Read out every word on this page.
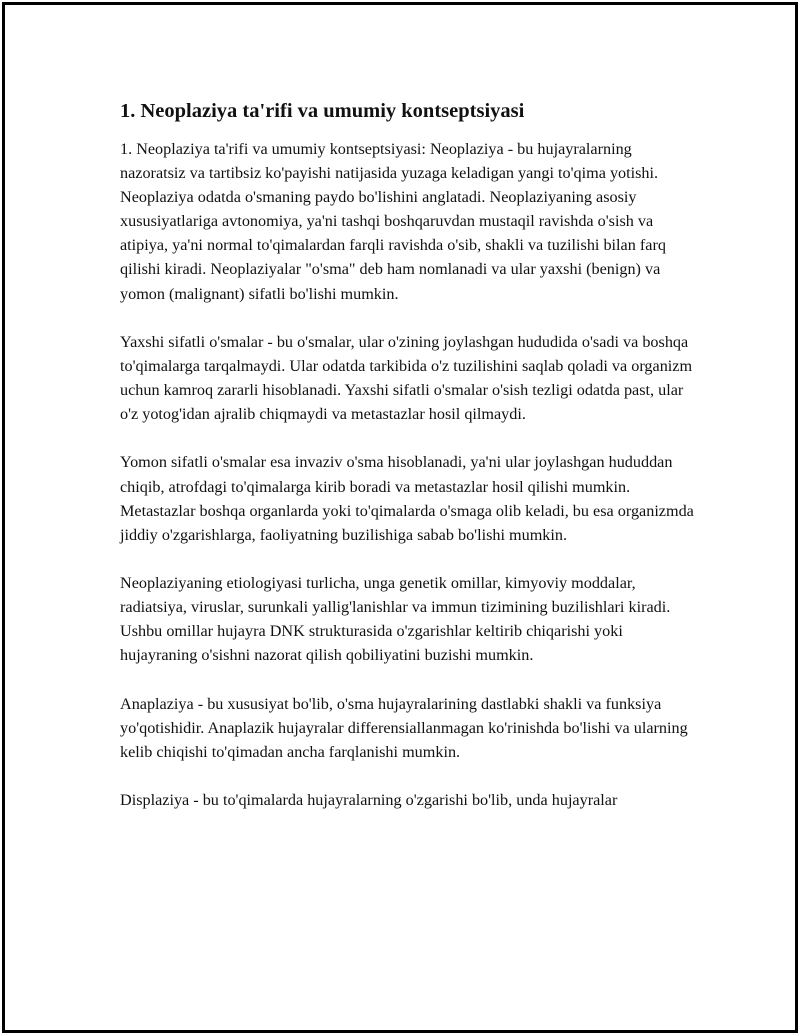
1. Neoplaziya ta'rifi va umumiy kontseptsiyasi

1. Neoplaziya ta'rifi va umumiy kontseptsiyasi: Neoplaziya - bu hujayralarning nazoratsiz va tartibsiz ko'payishi natijasida yuzaga keladigan yangi to'qima yotishi. Neoplaziya odatda o'smaning paydo bo'lishini anglatadi. Neoplaziyaning asosiy xususiyatlariga avtonomiya, ya'ni tashqi boshqaruvdan mustaqil ravishda o'sish va atipiya, ya'ni normal to'qimalardan farqli ravishda o'sib, shakli va tuzilishi bilan farq qilishi kiradi. Neoplaziyalar "o'sma" deb ham nomlanadi va ular yaxshi (benign) va yomon (malignant) sifatli bo'lishi mumkin.

Yaxshi sifatli o'smalar - bu o'smalar, ular o'zining joylashgan hududida o'sadi va boshqa to'qimalarga tarqalmaydi. Ular odatda tarkibida o'z tuzilishini saqlab qoladi va organizm uchun kamroq zararli hisoblanadi. Yaxshi sifatli o'smalar o'sish tezligi odatda past, ular o'z yotog'idan ajralib chiqmaydi va metastazlar hosil qilmaydi.

Yomon sifatli o'smalar esa invaziv o'sma hisoblanadi, ya'ni ular joylashgan hududdan chiqib, atrofdagi to'qimalarga kirib boradi va metastazlar hosil qilishi mumkin. Metastazlar boshqa organlarda yoki to'qimalarda o'smaga olib keladi, bu esa organizmda jiddiy o'zgarishlarga, faoliyatning buzilishiga sabab bo'lishi mumkin.

Neoplaziyaning etiologiyasi turlicha, unga genetik omillar, kimyoviy moddalar, radiatsiya, viruslar, surunkali yallig'lanishlar va immun tizimining buzilishlari kiradi. Ushbu omillar hujayra DNK strukturasida o'zgarishlar keltirib chiqarishi yoki hujayraning o'sishni nazorat qilish qobiliyatini buzishi mumkin.

Anaplaziya - bu xususiyat bo'lib, o'sma hujayralarining dastlabki shakli va funksiya yo'qotishidir. Anaplazik hujayralar differensiallanmagan ko'rinishda bo'lishi va ularning kelib chiqishi to'qimadan ancha farqlanishi mumkin.

Displaziya - bu to'qimalarda hujayralarning o'zgarishi bo'lib, unda hujayralar
